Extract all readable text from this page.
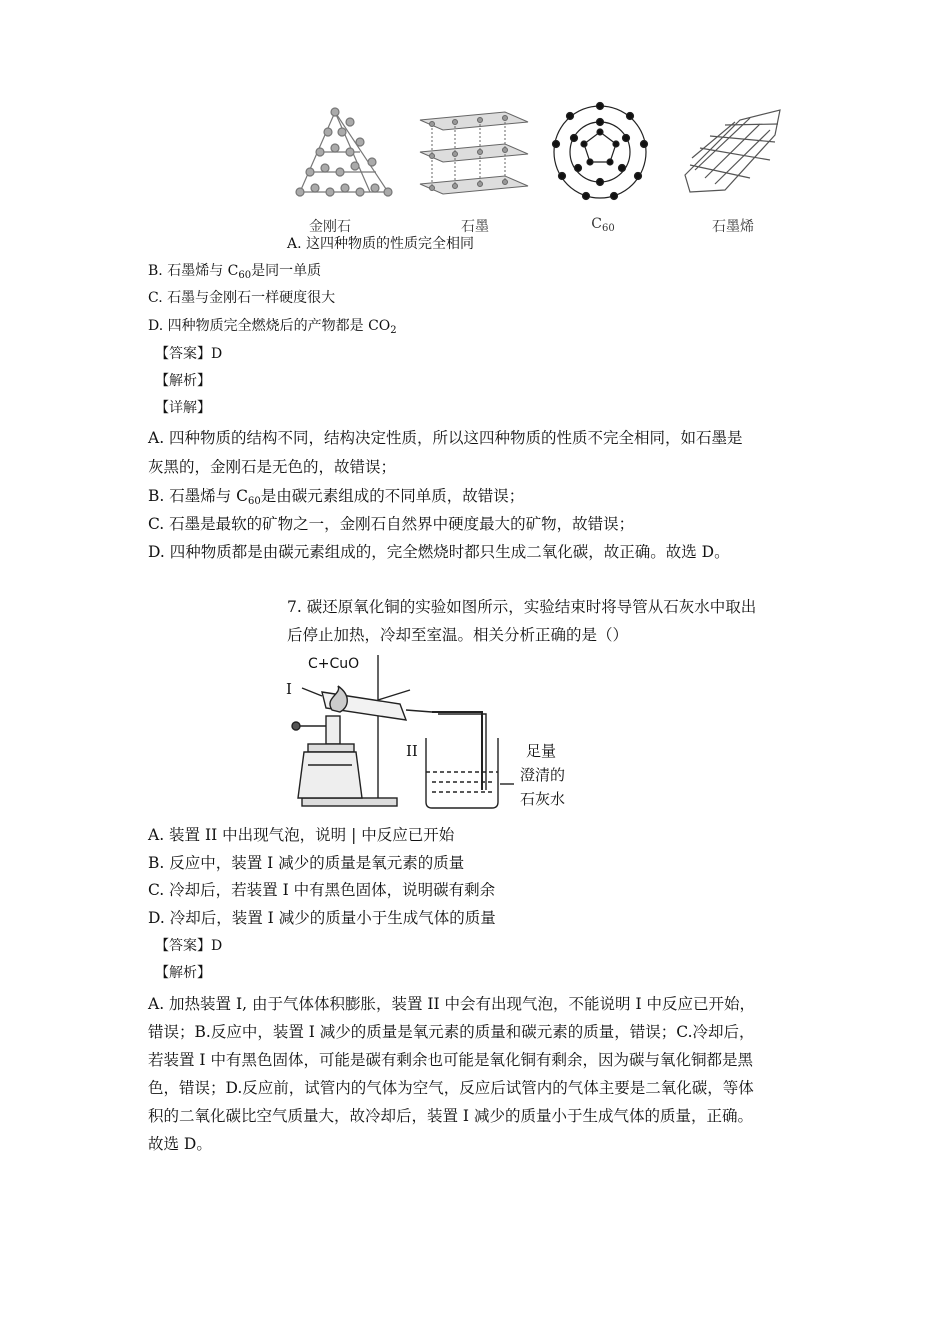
金刚石	石墨	$C_{60}$	石墨烯
A. 这四种物质的性质完全相同
B. 石墨烯与 $C_{60}$是同一单质
C. 石墨与金刚石一样硬度很大
D. 四种物质完全燃烧后的产物都是 $CO_2$
【答案】D
【解析】
【详解】
A. 四种物质的结构不同，结构决定性质，所以这四种物质的性质不完全相同，如石墨是
灰黑的，金刚石是无色的，故错误；
B. 石墨烯与 $C_{60}$是由碳元素组成的不同单质，故错误；
C. 石墨是最软的矿物之一，金刚石自然界中硬度最大的矿物，故错误；
D. 四种物质都是由碳元素组成的，完全燃烧时都只生成二氧化碳，故正确。故选 D。
7. 碳还原氧化铜的实验如图所示，实验结束时将导管从石灰水中取出
后停止加热，冷却至室温。相关分析正确的是（）
C+CuO
I
II	足量
澄清的
石灰水
A. 装置 II 中出现气泡，说明 | 中反应已开始
B. 反应中，装置 I 减少的质量是氧元素的质量
C. 冷却后，若装置 I 中有黑色固体，说明碳有剩余
D. 冷却后，装置 I 减少的质量小于生成气体的质量
【答案】D
【解析】
A. 加热装置 I, 由于气体体积膨胀，装置 II 中会有出现气泡，不能说明 I 中反应已开始，
错误；B.反应中，装置 I 减少的质量是氧元素的质量和碳元素的质量，错误；C.冷却后，
若装置 I 中有黑色固体，可能是碳有剩余也可能是氧化铜有剩余，因为碳与氧化铜都是黑
色，错误；D.反应前，试管内的气体为空气，反应后试管内的气体主要是二氧化碳，等体
积的二氧化碳比空气质量大，故冷却后，装置 I 减少的质量小于生成气体的质量，正确。
故选 D。
